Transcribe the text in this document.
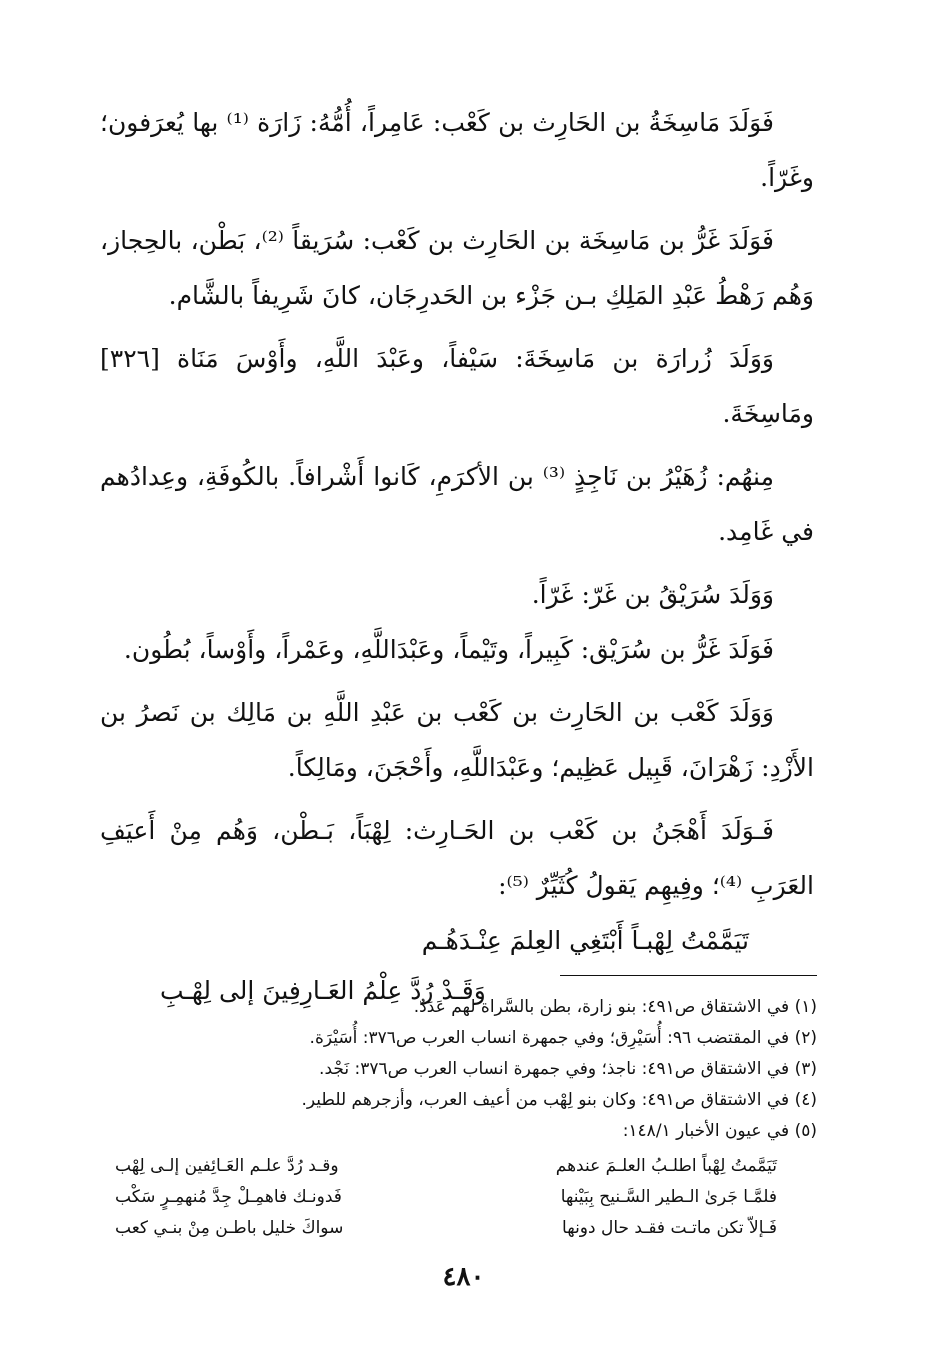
فَوَلَدَ مَاسِخَةُ بن الحَارِث بن كَعْب: عَامِراً، أُمُّهُ: زَارَة ⁽¹⁾ بها يُعرَفون؛ وغَرّاً.

فَوَلَدَ غَرُّ بن مَاسِخَة بن الحَارِث بن كَعْب: سُرَيقاً ⁽²⁾، بَطْن، بالحِجاز، وَهُم رَهْطُ عَبْدِ المَلِكِ بـن جَزْء بن الحَدرِجَان، كانَ شَرِيفاً بالشَّام.

وَوَلَدَ زُرارَة بن مَاسِخَةَ: سَيْفاً، وعَبْدَ اللَّهِ، وأَوْسَ مَنَاة [٣٢٦] ومَاسِخَةَ.

مِنهُم: زُهَيْرُ بن نَاجِذٍ ⁽³⁾ بن الأكرَمِ، كَانوا أَشْرافاً. بالكُوفَةِ، وعِدادُهم في غَامِد.

وَوَلَدَ سُرَيْقُ بن غَرّ: غَرّاً.

فَوَلَدَ غَرُّ بن سُرَيْق: كَبِيراً، وتَيْماً، وعَبْدَاللَّهِ، وعَمْراً، وأَوْساً، بُطُون.

وَوَلَدَ كَعْب بن الحَارِث بن كَعْب بن عَبْدِ اللَّهِ بن مَالِك بن نَصرُ بن الأَزْدِ: زَهْرَانَ، قَبِيل عَظِيم؛ وعَبْدَاللَّهِ، وأَحْجَنَ، ومَالِكاً.

فَـوَلَدَ أَهْجَنُ بن كَعْب بن الحَـارِث: لِهْبَاً، بَـطْن، وَهُم مِنْ أَعيَفِ العَرَبِ ⁽⁴⁾؛ وفِيهِم يَقولُ كُثَيِّرٌ ⁽⁵⁾:

تَيَمَّمْتُ لِهْبـاً أَبْتَغِي العِلمَ عِنْـدَهُـم
وَقَـدْ رُدَّ عِلْمُ العَـارِفِينَ إلى لِهْـبِ

(١) في الاشتقاق ص٤٩١: بنو زارة، بطن بالسَّراة لهم عَدَدٌ.

(٢) في المقتضب ٩٦: أُسَيْرِق؛ وفي جمهرة انساب العرب ص٣٧٦: أُسَيْرَة.

(٣) في الاشتقاق ص٤٩١: ناجذ؛ وفي جمهرة انساب العرب ص٣٧٦: نَجْد.

(٤) في الاشتقاق ص٤٩١: وكان بنو لِهْب من أعيف العرب، وأزجرهم للطير.

(٥) في عيون الأخبار ١٤٨/١:

تَيَمَّمتُ لِهْباً اطلـبُ العلـمَ عندهم
وقـد رُدَّ علـم العَـائِفين إلـى لِهْب
فلمَّـا جَرىٰ الـطير السَّـنيح بِبَيْنها
فَدونـك فاهمِـلْ جِدَّ مُنهمِـرٍ سَكْب
فَـإلاّ تكن ماتـت فقـد حال دونها
سواكَ خليل باطـن مِنْ بنـي كعب
٤٨٠
